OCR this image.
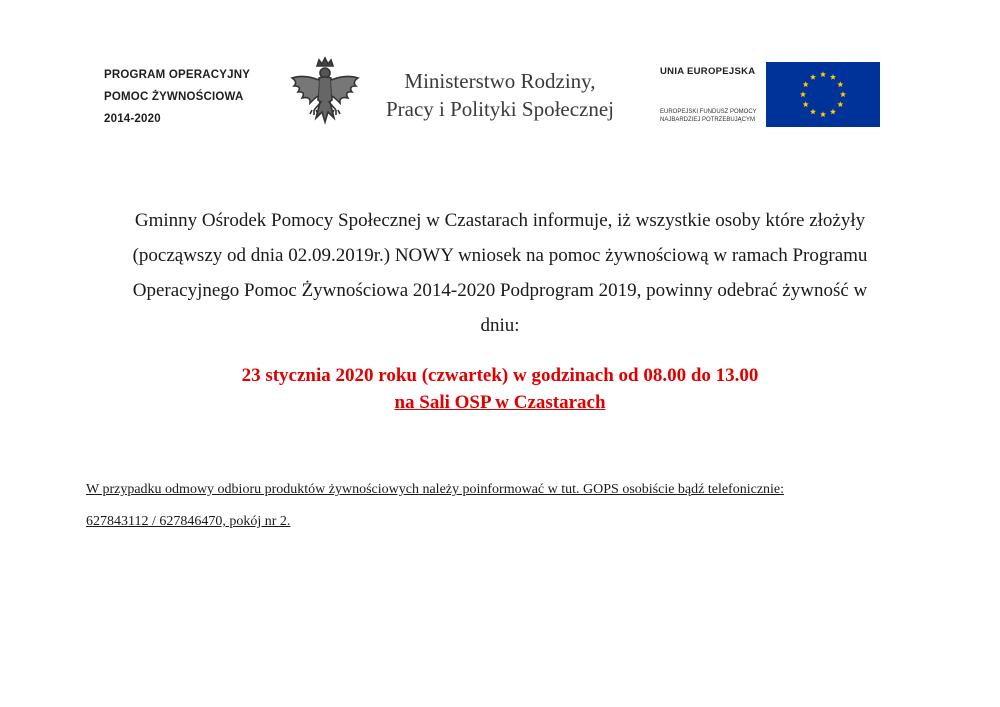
PROGRAM OPERACYJNY
POMOC ŻYWNOŚCIOWA
2014-2020
Ministerstwo Rodziny,
Pracy i Polityki Społecznej
UNIA EUROPEJSKA
EUROPEJSKI FUNDUSZ POMOCY
NAJBARDZIEJ POTRZEBUJĄCYM
Gminny Ośrodek Pomocy Społecznej w Czastarach informuje, iż wszystkie osoby które złożyły
(począwszy od dnia 02.09.2019r.) NOWY wniosek na pomoc żywnościową w ramach Programu
Operacyjnego Pomoc Żywnościowa 2014-2020 Podprogram 2019, powinny odebrać żywność w
dniu:
23 stycznia 2020 roku (czwartek) w godzinach od 08.00 do 13.00
na Sali OSP w Czastarach
W przypadku odmowy odbioru produktów żywnościowych należy poinformować w tut. GOPS osobiście bądź telefonicznie:
627843112 / 627846470, pokój nr 2.
